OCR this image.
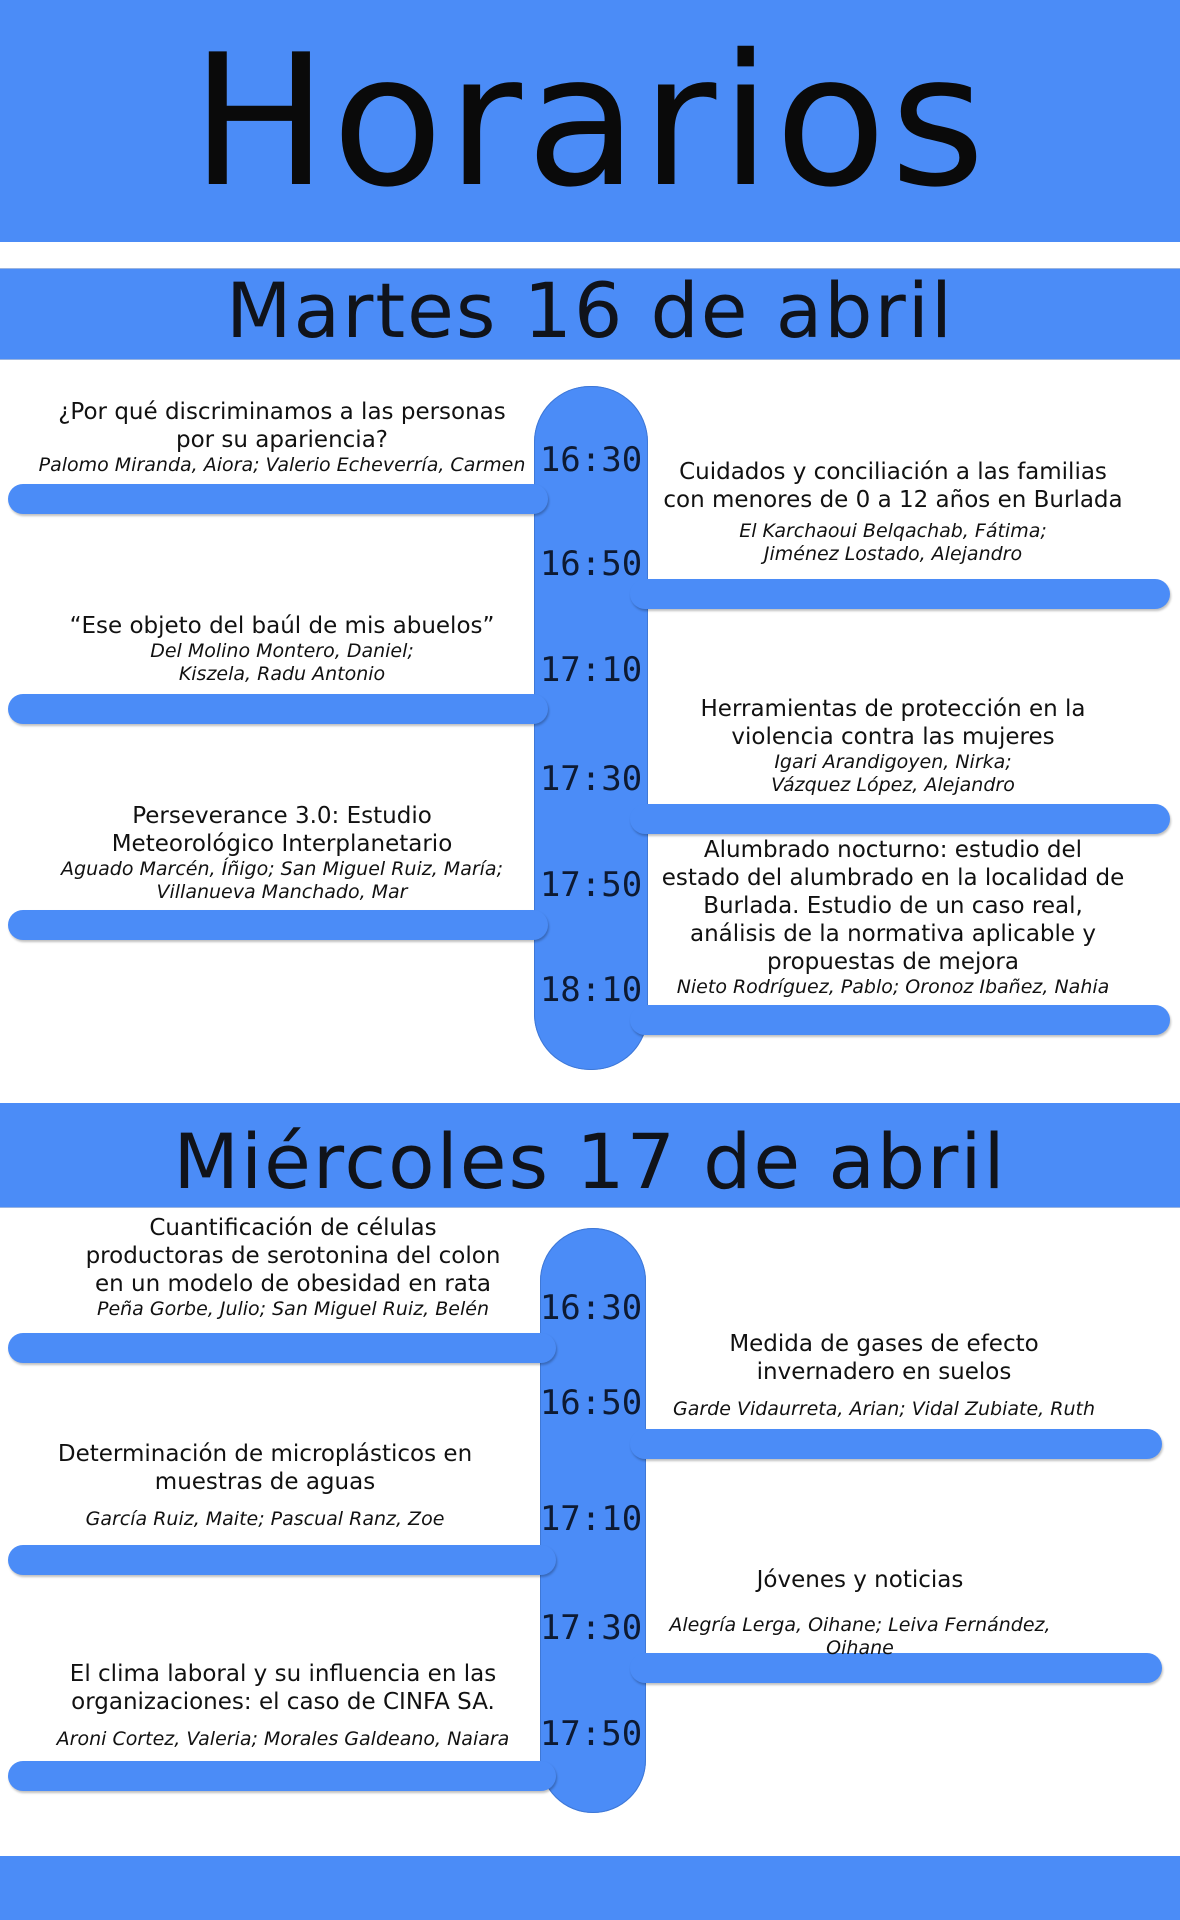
Horarios
Martes 16 de abril
16:30
16:50
17:10
17:30
17:50
18:10
¿Por qué discriminamos a las personas
por su apariencia?
Palomo Miranda, Aiora; Valerio Echeverría, Carmen
“Ese objeto del baúl de mis abuelos”
Del Molino Montero, Daniel;
Kiszela, Radu Antonio
Perseverance 3.0: Estudio
Meteorológico Interplanetario
Aguado Marcén, Íñigo; San Miguel Ruiz, María;
Villanueva Manchado, Mar
Cuidados y conciliación a las familias
con menores de 0 a 12 años en Burlada
El Karchaoui Belqachab, Fátima;
Jiménez Lostado, Alejandro
Herramientas de protección en la
violencia contra las mujeres
Igari Arandigoyen, Nirka;
Vázquez López, Alejandro
Alumbrado nocturno: estudio del
estado del alumbrado en la localidad de
Burlada. Estudio de un caso real,
análisis de la normativa aplicable y
propuestas de mejora
Nieto Rodríguez, Pablo; Oronoz Ibañez, Nahia
Miércoles 17 de abril
16:30
16:50
17:10
17:30
17:50
Cuantificación de células
productoras de serotonina del colon
en un modelo de obesidad en rata
Peña Gorbe, Julio; San Miguel Ruiz, Belén
Determinación de microplásticos en
muestras de aguas
García Ruiz, Maite; Pascual Ranz, Zoe
El clima laboral y su influencia en las
organizaciones: el caso de CINFA SA.
Aroni Cortez, Valeria; Morales Galdeano, Naiara
Medida de gases de efecto
invernadero en suelos
Garde Vidaurreta, Arian; Vidal Zubiate, Ruth
Jóvenes y noticias
Alegría Lerga, Oihane; Leiva Fernández, Oihane
